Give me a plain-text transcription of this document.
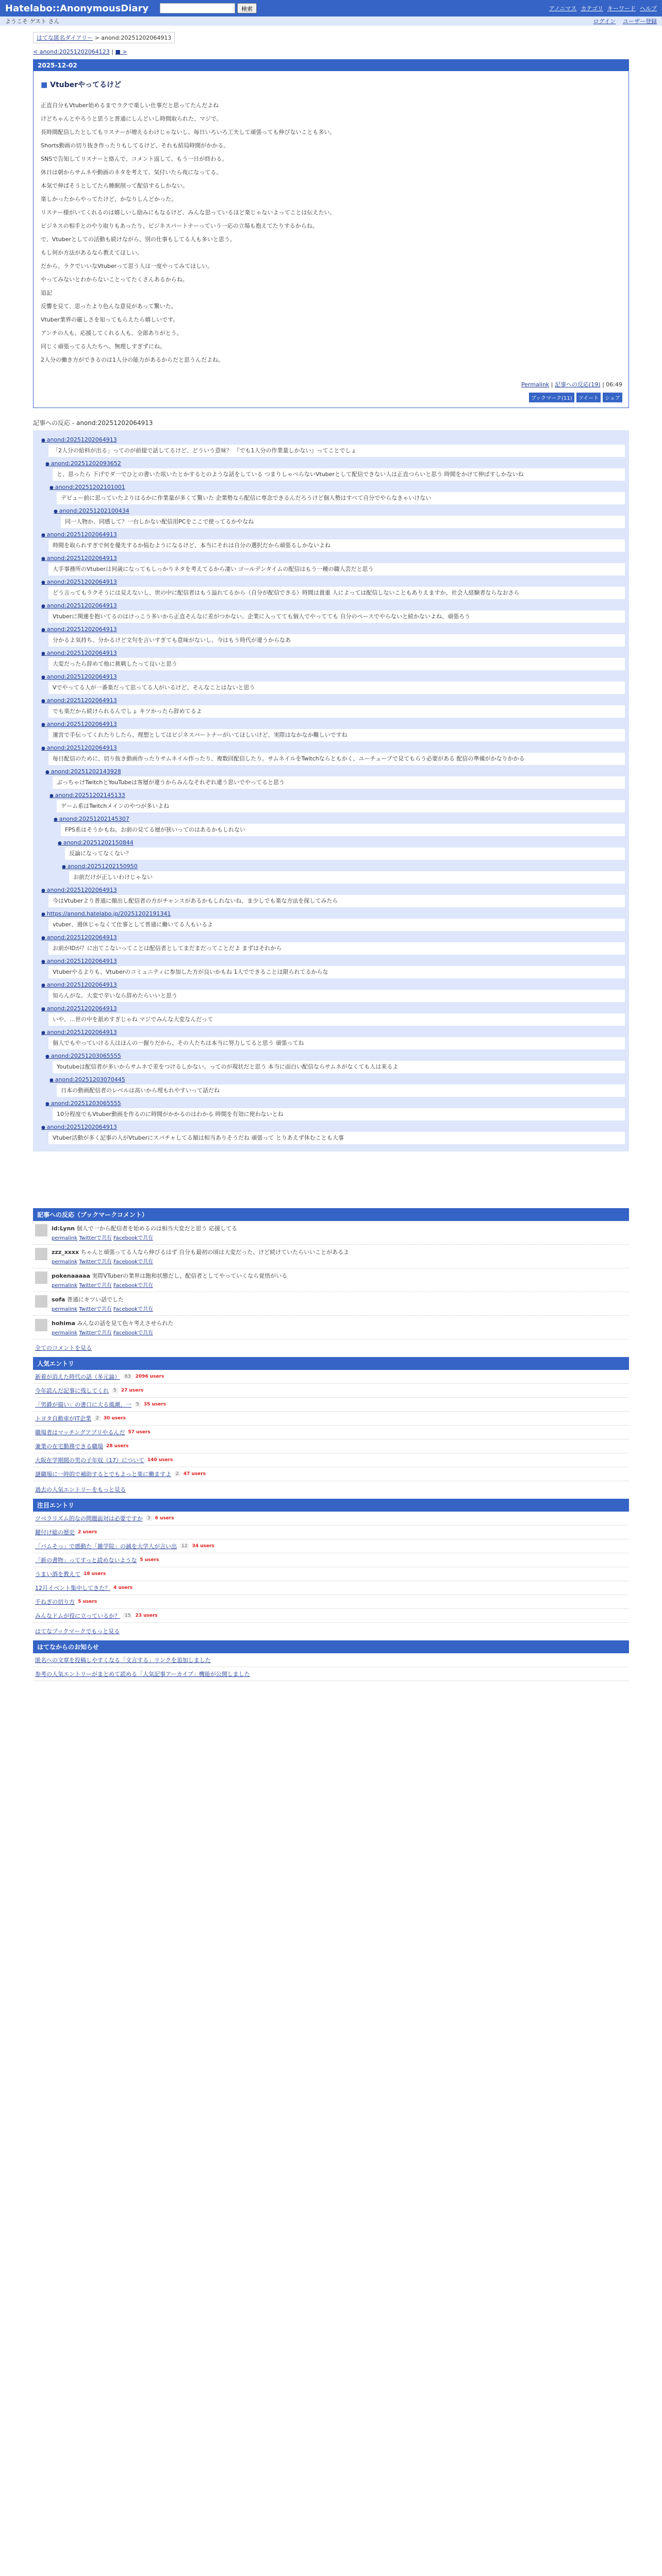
Hatelabo::AnonymousDiary	検索	アノニマス カテゴリ キーワード ヘルプ
ようこそ ゲスト さん	ログイン ユーザー登録
はてな匿名ダイアリー > anond:20251202064913
< anond:20251202064123 | ■ >
2025-12-02
■ Vtuberやってるけど

正直自分もVtuber始めるまでラクで楽しい仕事だと思ってたんだよね

けどちゃんとやろうと思うと普通にしんどいし時間取られた、マジで。

長時間配信したとしてもリスナーが増えるわけじゃないし、毎日いろいろ工夫して頑張っても伸びないことも多い。

Shorts動画の切り抜き作ったりもしてるけど、それも結局時間がかかる。

SNSで告知してリスナーと絡んで、コメント返して、もう一日が終わる。

休日は朝からサムネや動画のネタを考えて、気付いたら夜になってる。

本気で伸ばそうとしてたら睡眠削って配信するしかない。

楽しかったからやってたけど、かなりしんどかった。

リスナー様がいてくれるのは嬉しいし励みにもなるけど、みんな思っているほど楽じゃないよってことは伝えたい。

ビジネスの相手とのやり取りもあったり、ビジネスパートナーっていう一応の立場も抱えてたりするからね。

で、Vtuberとしての活動も続けながら、別の仕事もしてる人も多いと思う。

もし何か方法があるなら教えてほしい。

だから、ラクでいいなVtuberって思う人は一度やってみてほしい。

やってみないとわからないことってたくさんあるからね。

追記

反響を見て、思ったより色んな意見があって驚いた。

Vtuber業界の厳しさを知ってもらえたら嬉しいです。

アンチの人も、応援してくれる人も、全部ありがとう。

同じく頑張ってる人たちへ、無理しすぎずにね。

2人分の働き方ができるのは1人分の能力があるからだと思うんだよね。

Permalink | 記事への反応(19) | 06:49
ブックマーク(11)	ツイート	シェア
記事への反応 - anond:20251202064913
● anond:20251202064913
「2人分の給料が出る」ってのが前提で話してるけど、どういう意味？ 『でも1人分の作業量しかない』ってことでしょ
● anond:20251202093652
と、思ったら 下げでダ一でひとの書いた呟いたとかするとのような話をしている つまりしゃべらないVtuberとして配信できない人は正直つらいと思う 時間をかけて伸ばすしかないね
● anond:20251202101001
デビュー前に思っていたよりはるかに作業量が多くて驚いた 企業勢なら配信に専念できるんだろうけど個人勢はすべて自分でやらなきゃいけない
● anond:20251202100434
同一人物か、同感して？一台しかない配信用PCをここで使ってるかやなね
● anond:20251202064913
時間を取られすぎで何を優先するか悩むようになるけど、本当にそれは自分の選択だから頑張るしかないよね
● anond:20251202064913
大手事務所のVtuberは何歳になってもしっかりネタを考えてるから凄い ゴールデンタイムの配信はもう一種の職人芸だと思う
● anond:20251202064913
どう言ってもラクそうには見えないし、世の中に配信者はもう溢れてるから（自分が配信できる）時間は貴重 人によっては配信しないこともありえますか、社会人経験者ならなおさら
● anond:20251202064913
Vtuberに関連を抱いてるのはけっこう多いから正直そんなに差がつかない。企業に入ってても個人でやってても 自分のペースでやらないと続かないよね、頑張ろう
● anond:20251202064913
分かるよ気持ち、分かるけど文句を言いすぎても意味がないし、今はもう時代が違うからなあ
● anond:20251202064913
大変だったら辞めて他に挑戦したって良いと思う
● anond:20251202064913
Vでやってる人が一番楽だって思ってる人がいるけど、そんなことはないと思う
● anond:20251202064913
でも楽だから続けられるんでしょ キツかったら辞めてるよ
● anond:20251202064913
運営で手伝ってくれたりしたら、理想としてはビジネスパートナーがいてほしいけど、実際はなかなか難しいですね
● anond:20251202064913
毎日配信のために、切り抜き動画作ったりサムネイル作ったり、複数回配信したり。サムネイルをTwitchならともかく、ユーチューブで見てもらう必要がある 配信の準備がかなりかかる
● anond:20251202143928
ぶっちゃけTwitchとYouTubeは客層が違うからみんなそれぞれ違う思いでやってると思う
● anond:20251202145133
ゲーム系はTwitchメインのやつが多いよね
● anond:20251202145307
FPS系はそうかもね。お前の見てる層が狭いってのはあるかもしれない
● anond:20251202150844
反論になってなくない？
● anond:20251202150950
お前だけが正しいわけじゃない
● anond:20251202064913
今はVtuberより普通に顔出し配信者の方がチャンスがあるかもしれないね、ま少しでも楽な方法を探してみたら
● https://anond.hatelabo.jp/20251202191341
vtuber、週休じゃなくて仕事として普通に働いてる人もいるよ
● anond:20251202064913
お前がIDが？に出てこないってことは配信者としてまだまだってことだよ まずはそれから
● anond:20251202064913
Vtuberやるよりも、Vtuberのコミュニティに参加した方が良いかもね 1人でできることは限られてるからな
● anond:20251202064913
知らんがな。大変で辛いなら辞めたらいいと思う
● anond:20251202064913
いや、…世の中を舐めすぎじゃね マジでみんな大変なんだって
● anond:20251202064913
個人でもやっていける人はほんの一握りだから、その人たちは本当に努力してると思う 頑張ってね
● anond:20251203065555
Youtubeは配信者が多いからサムネで差をつけるしかない、ってのが現状だと思う 本当に面白い配信ならサムネがなくても人は来るよ
● anond:20251203070445
日本の動画配信者のレベルは高いから埋もれやすいって話だね
● anond:20251203065555
10分程度でもVtuber動画を作るのに時間がかかるのはわかる 時間を有効に使わないとね
● anond:20251202064913
Vtuber活動が多く記事の人がVtuberにスパチャしてる額は相当ありそうだね 頑張って とりあえず休むことも大事
記事への反応（ブックマークコメント）
id:Lynn 個人で一から配信者を始めるのは相当大変だと思う 応援してる
permalink Twitterで共有 Facebookで共有
zzz_xxxx ちゃんと頑張ってる人なら伸びるはず 自分も最初の頃は大変だった、けど続けていたらいいことがあるよ
permalink Twitterで共有 Facebookで共有
pokenaaaaa 実際VTuberの業界は飽和状態だし、配信者としてやっていくなら覚悟がいる
permalink Twitterで共有 Facebookで共有
sofa 普通にキツい話でした
permalink Twitterで共有 Facebookで共有
hohima みんなの話を見て色々考えさせられた
permalink Twitterで共有 Facebookで共有
全てのコメントを見る
人気エントリ
新着が消えた時代の話（多元論）	63	2096 users
今年読んだ記事に残してくれ	5	27 users
「男爵が描い」の書口に大る風潮、一	5	35 users
トヨタ自動車がIT企業	2	30 users
職場者はマッチングアプリやるんだ 57 users
兼業の在宅勤務できる職場 28 users
大阪在学期間の男の子年収（17）について 140 users
謎職場に一時的で補助するとでもよっと楽に働ますよ	2	47 users
過去の人気エントリーをもっと見る
注目エントリ
ツベラリズム的なの問題面対は必要ですか	3	6 users
鍵付け総の歴史 2 users
「バムそっ」で感動た「雑学院」の誠を大学人が言い出	12	34 users
「新の書物」ってすっと読めないような 5 users
うまい酒を教えて 18 users
12月イベント集中してきた？ 4 users
千ねぎの切り方 5 users
みんなドムが役に立っているか？	15	23 users
はてなブックマークでもっと見る
はてなからのお知らせ
匿名への文章を投稿しやすくなる「文言する」リンクを追加しました
参考の人気エントリーがまとめて読める「人気記事アーカイブ」機能が公開しました
